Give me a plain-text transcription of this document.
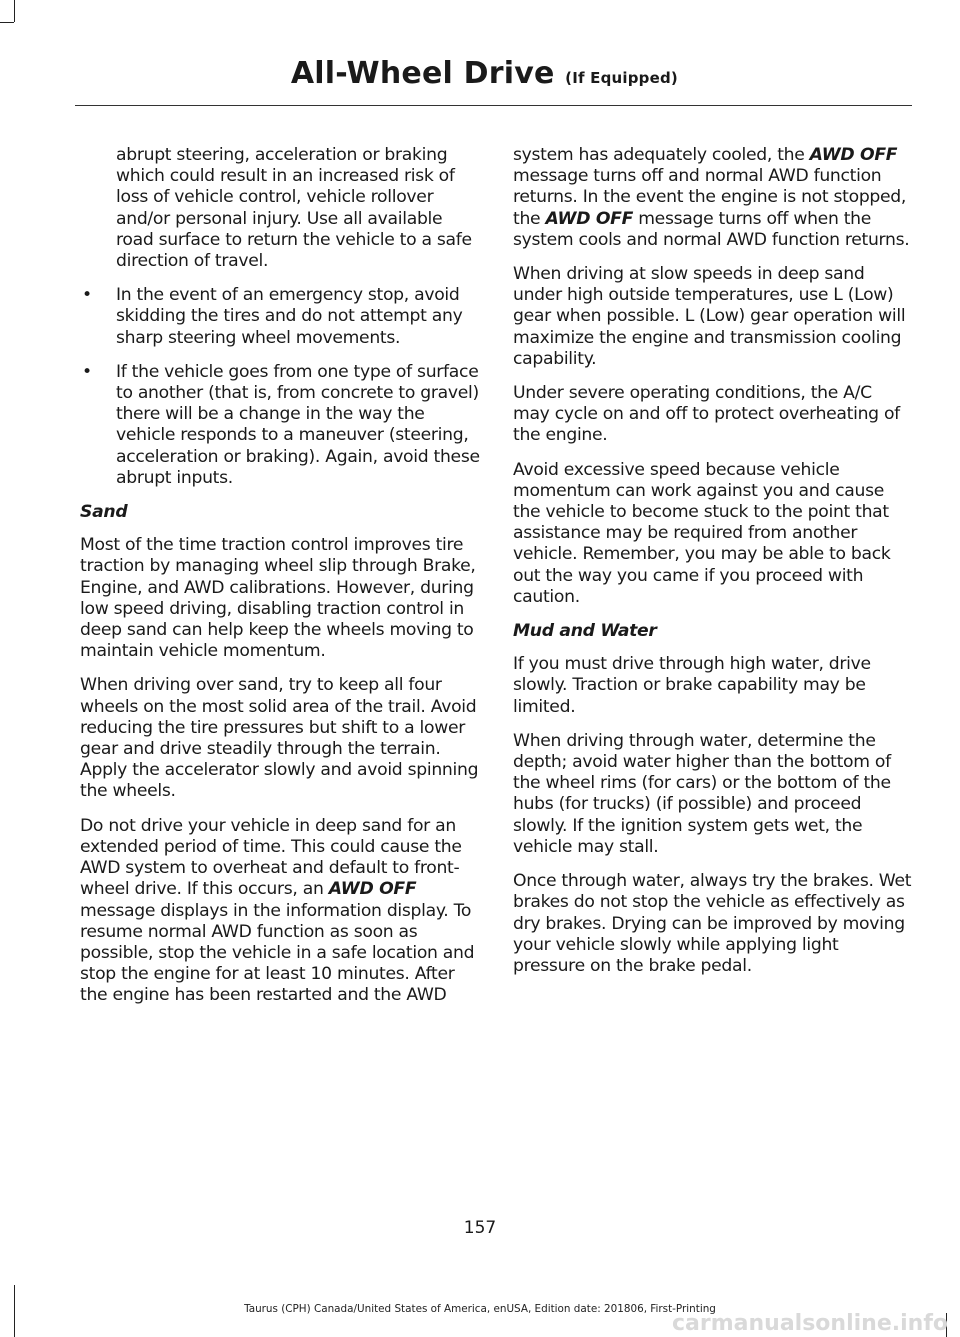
All-Wheel Drive (If Equipped)

abrupt steering, acceleration or braking which could result in an increased risk of loss of vehicle control, vehicle rollover and/or personal injury. Use all available road surface to return the vehicle to a safe direction of travel.

• In the event of an emergency stop, avoid skidding the tires and do not attempt any sharp steering wheel movements.
• If the vehicle goes from one type of surface to another (that is, from concrete to gravel) there will be a change in the way the vehicle responds to a maneuver (steering, acceleration or braking). Again, avoid these abrupt inputs.
Sand

Most of the time traction control improves tire traction by managing wheel slip through Brake, Engine, and AWD calibrations. However, during low speed driving, disabling traction control in deep sand can help keep the wheels moving to maintain vehicle momentum.

When driving over sand, try to keep all four wheels on the most solid area of the trail. Avoid reducing the tire pressures but shift to a lower gear and drive steadily through the terrain. Apply the accelerator slowly and avoid spinning the wheels.

Do not drive your vehicle in deep sand for an extended period of time. This could cause the AWD system to overheat and default to front-wheel drive. If this occurs, an AWD OFF message displays in the information display. To resume normal AWD function as soon as possible, stop the vehicle in a safe location and stop the engine for at least 10 minutes. After the engine has been restarted and the AWD

system has adequately cooled, the AWD OFF message turns off and normal AWD function returns. In the event the engine is not stopped, the AWD OFF message turns off when the system cools and normal AWD function returns.

When driving at slow speeds in deep sand under high outside temperatures, use L (Low) gear when possible. L (Low) gear operation will maximize the engine and transmission cooling capability.

Under severe operating conditions, the A/C may cycle on and off to protect overheating of the engine.

Avoid excessive speed because vehicle momentum can work against you and cause the vehicle to become stuck to the point that assistance may be required from another vehicle. Remember, you may be able to back out the way you came if you proceed with caution.

Mud and Water

If you must drive through high water, drive slowly. Traction or brake capability may be limited.

When driving through water, determine the depth; avoid water higher than the bottom of the wheel rims (for cars) or the bottom of the hubs (for trucks) (if possible) and proceed slowly. If the ignition system gets wet, the vehicle may stall.

Once through water, always try the brakes. Wet brakes do not stop the vehicle as effectively as dry brakes. Drying can be improved by moving your vehicle slowly while applying light pressure on the brake pedal.

157
Taurus (CPH) Canada/United States of America, enUSA, Edition date: 201806, First-Printing
carmanualsonline.info
